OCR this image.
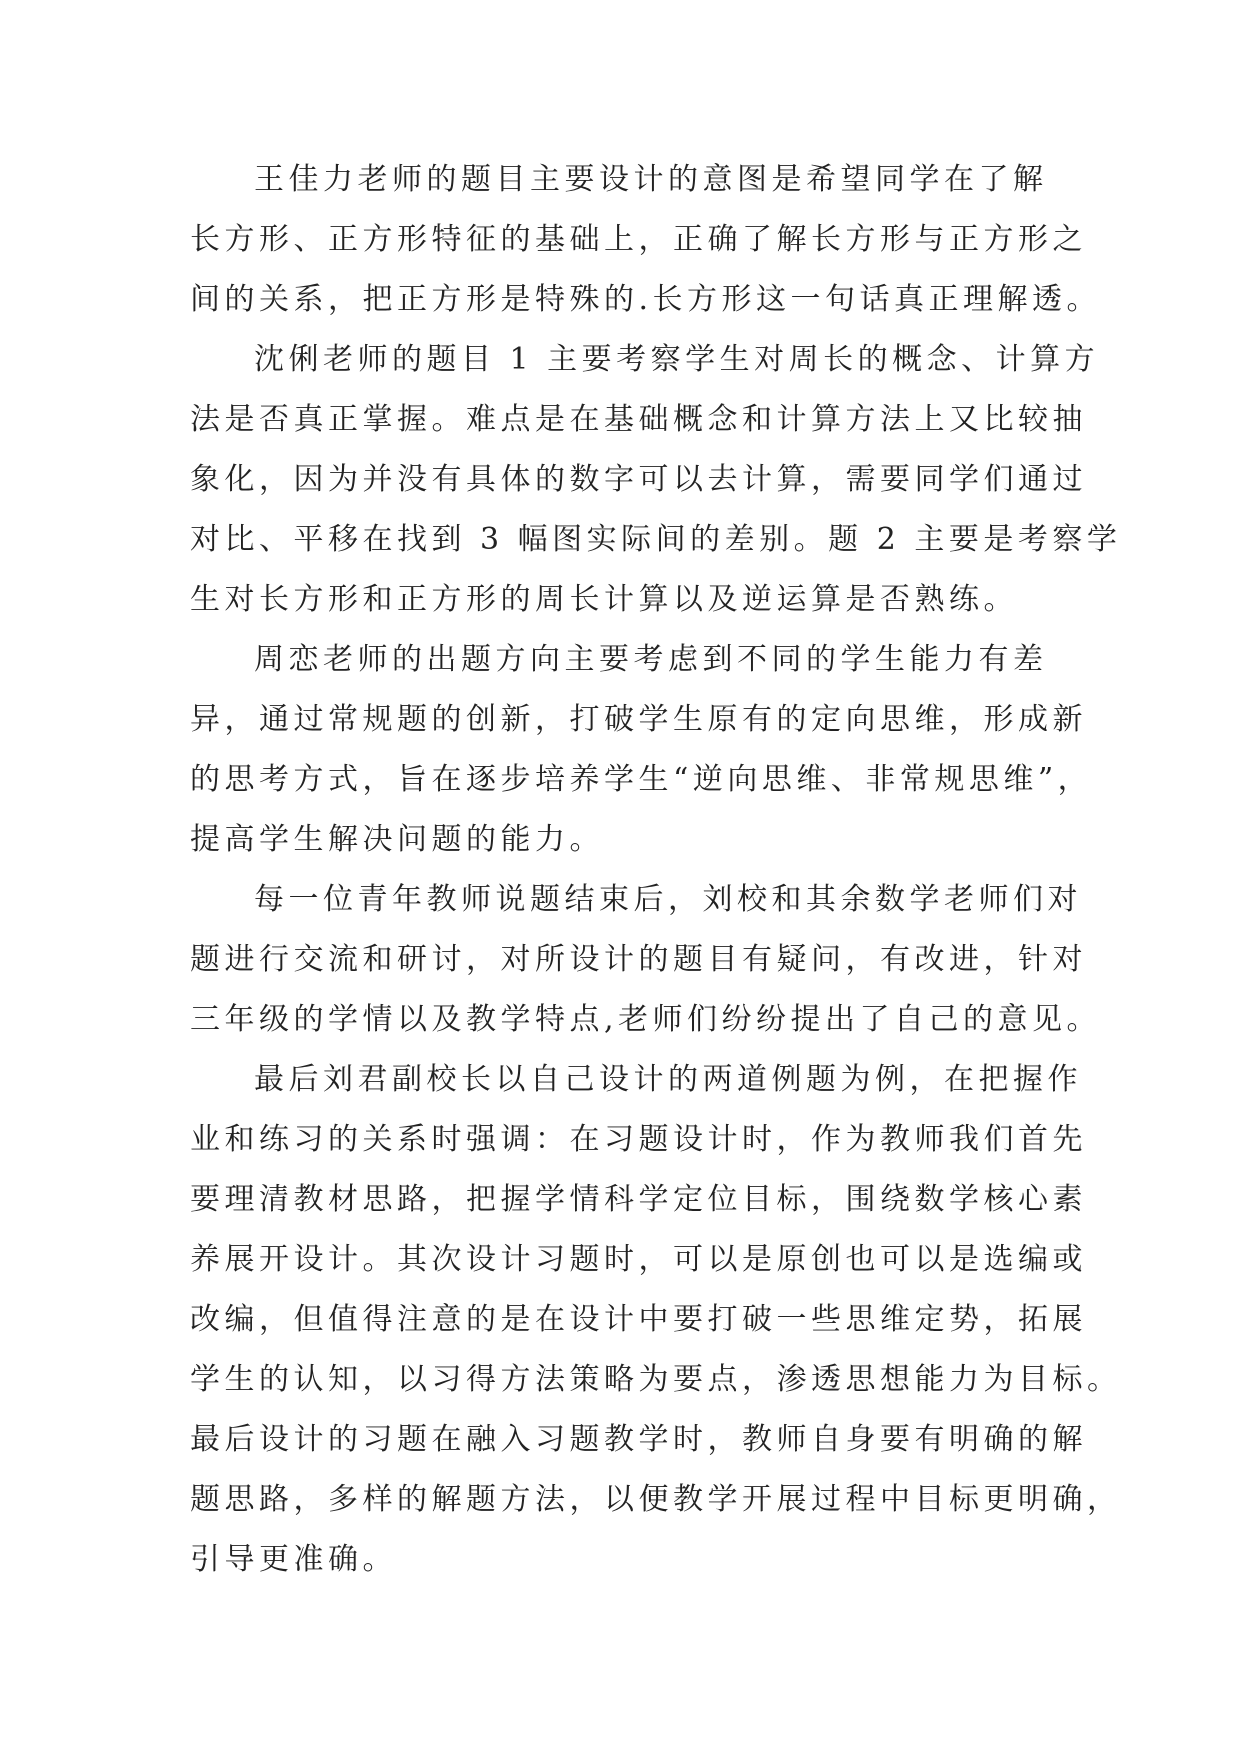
王佳力老师的题目主要设计的意图是希望同学在了解
长方形、正方形特征的基础上，正确了解长方形与正方形之
间的关系，把正方形是特殊的.长方形这一句话真正理解透。

沈俐老师的题目 1 主要考察学生对周长的概念、计算方
法是否真正掌握。难点是在基础概念和计算方法上又比较抽
象化，因为并没有具体的数字可以去计算，需要同学们通过
对比、平移在找到 3 幅图实际间的差别。题 2 主要是考察学
生对长方形和正方形的周长计算以及逆运算是否熟练。

周恋老师的出题方向主要考虑到不同的学生能力有差
异，通过常规题的创新，打破学生原有的定向思维，形成新
的思考方式，旨在逐步培养学生“逆向思维、非常规思维”，
提高学生解决问题的能力。

每一位青年教师说题结束后，刘校和其余数学老师们对
题进行交流和研讨，对所设计的题目有疑问，有改进，针对
三年级的学情以及教学特点,老师们纷纷提出了自己的意见。

最后刘君副校长以自己设计的两道例题为例，在把握作
业和练习的关系时强调：在习题设计时，作为教师我们首先
要理清教材思路，把握学情科学定位目标，围绕数学核心素
养展开设计。其次设计习题时，可以是原创也可以是选编或
改编，但值得注意的是在设计中要打破一些思维定势，拓展
学生的认知，以习得方法策略为要点，渗透思想能力为目标。
最后设计的习题在融入习题教学时，教师自身要有明确的解
题思路，多样的解题方法，以便教学开展过程中目标更明确，
引导更准确。
